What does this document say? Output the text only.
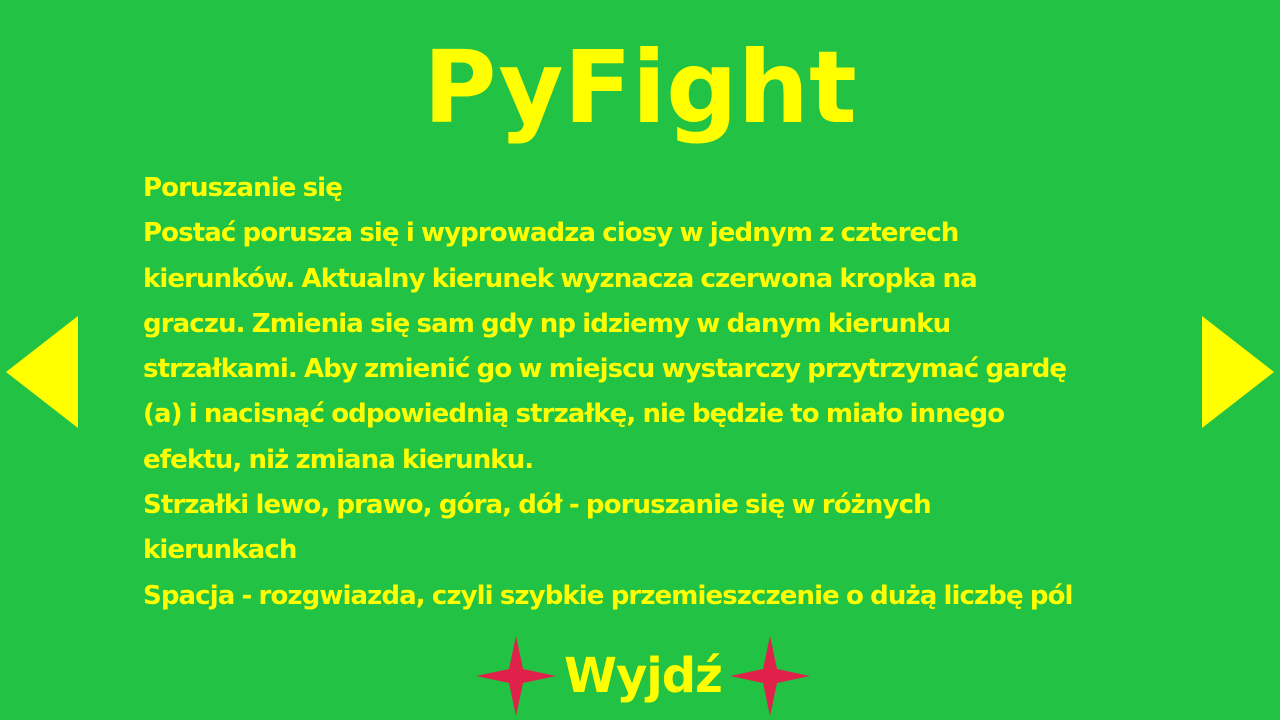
PyFight
Poruszanie się
Postać porusza się i wyprowadza ciosy w jednym z czterech
kierunków. Aktualny kierunek wyznacza czerwona kropka na
graczu. Zmienia się sam gdy np idziemy w danym kierunku
strzałkami. Aby zmienić go w miejscu wystarczy przytrzymać gardę
(a) i nacisnąć odpowiednią strzałkę, nie będzie to miało innego
efektu, niż zmiana kierunku.
Strzałki lewo, prawo, góra, dół - poruszanie się w różnych
kierunkach
Spacja - rozgwiazda, czyli szybkie przemieszczenie o dużą liczbę pól
Wyjdź
